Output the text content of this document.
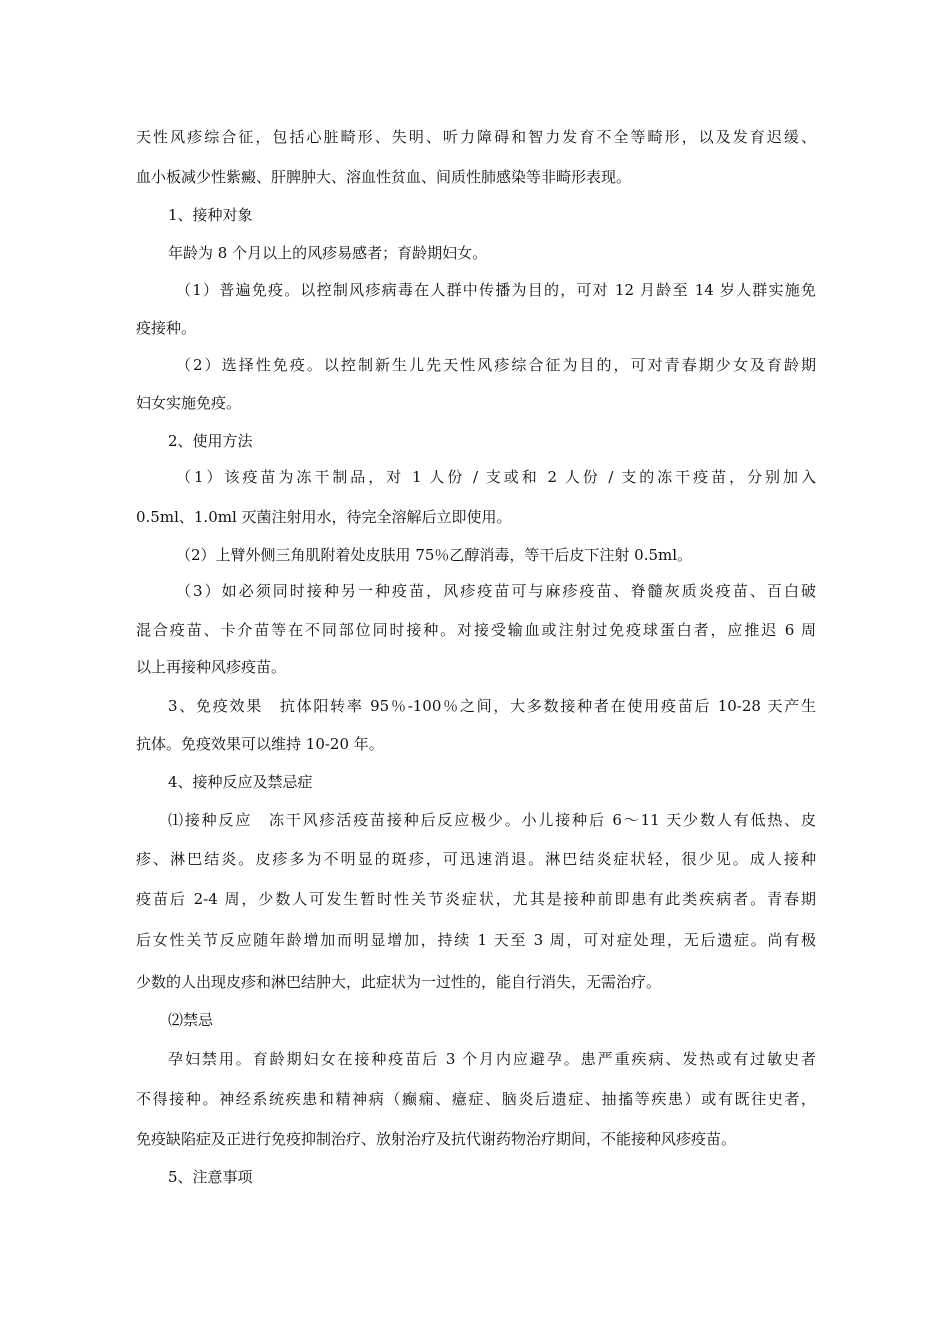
天性风疹综合征，包括心脏畸形、失明、听力障碍和智力发育不全等畸形，以及发育迟缓、
血小板减少性紫癜、肝脾肿大、溶血性贫血、间质性肺感染等非畸形表现。
1、接种对象
年龄为 8 个月以上的风疹易感者；育龄期妇女。
（1）普遍免疫。以控制风疹病毒在人群中传播为目的，可对 12 月龄至 14 岁人群实施免
疫接种。
（2）选择性免疫。以控制新生儿先天性风疹综合征为目的，可对青春期少女及育龄期
妇女实施免疫。
2、使用方法
（1）该疫苗为冻干制品，对 1 人份 / 支或和 2 人份 / 支的冻干疫苗，分别加入
0.5ml、1.0ml 灭菌注射用水，待完全溶解后立即使用。
（2）上臂外侧三角肌附着处皮肤用 75％乙醇消毒，等干后皮下注射 0.5ml。
（3）如必须同时接种另一种疫苗，风疹疫苗可与麻疹疫苗、脊髓灰质炎疫苗、百白破
混合疫苗、卡介苗等在不同部位同时接种。对接受输血或注射过免疫球蛋白者，应推迟 6 周
以上再接种风疹疫苗。
3、免疫效果　抗体阳转率 95％-100％之间，大多数接种者在使用疫苗后 10-28 天产生
抗体。免疫效果可以维持 10-20 年。
4、接种反应及禁忌症
⑴接种反应　冻干风疹活疫苗接种后反应极少。小儿接种后 6～11 天少数人有低热、皮
疹、淋巴结炎。皮疹多为不明显的斑疹，可迅速消退。淋巴结炎症状轻，很少见。成人接种
疫苗后 2-4 周，少数人可发生暂时性关节炎症状，尤其是接种前即患有此类疾病者。青春期
后女性关节反应随年龄增加而明显增加，持续 1 天至 3 周，可对症处理，无后遗症。尚有极
少数的人出现皮疹和淋巴结肿大，此症状为一过性的，能自行消失，无需治疗。
⑵禁忌
孕妇禁用。育龄期妇女在接种疫苗后 3 个月内应避孕。患严重疾病、发热或有过敏史者
不得接种。神经系统疾患和精神病（癫痫、癔症、脑炎后遗症、抽搐等疾患）或有既往史者，
免疫缺陷症及正进行免疫抑制治疗、放射治疗及抗代谢药物治疗期间，不能接种风疹疫苗。
5、注意事项
